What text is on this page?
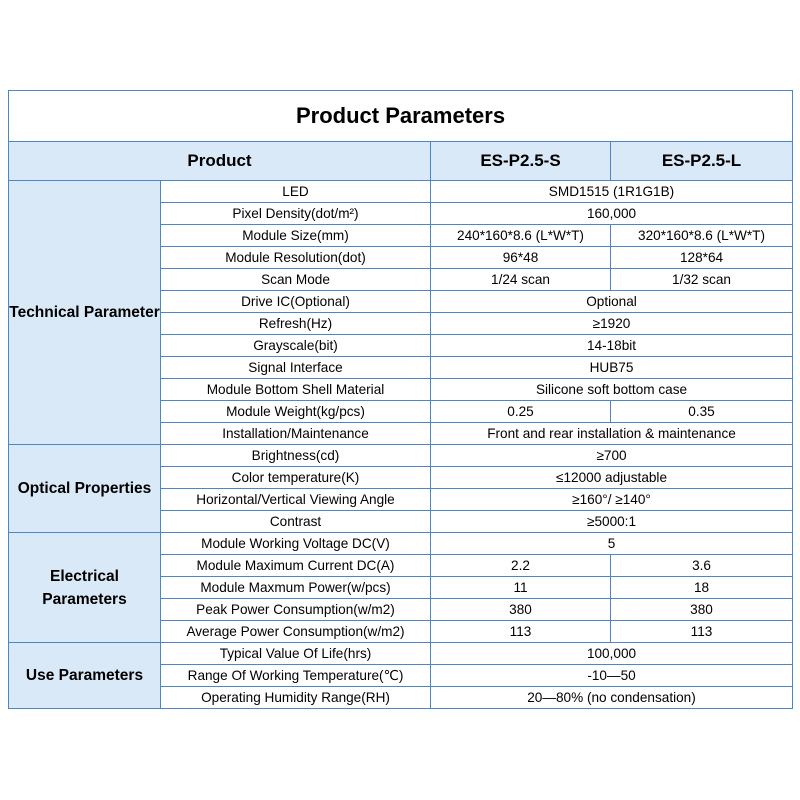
Product Parameters			
Product		ES-P2.5-S	ES-P2.5-L
Technical Parameter	LED	SMD1515 (1R1G1B)	
	Pixel Density(dot/m²)	160,000	
	Module Size(mm)	240*160*8.6 (L*W*T)	320*160*8.6 (L*W*T)
	Module Resolution(dot)	96*48	128*64
	Scan Mode	1/24 scan	1/32 scan
	Drive IC(Optional)	Optional	
	Refresh(Hz)	≥1920	
	Grayscale(bit)	14-18bit	
	Signal Interface	HUB75	
	Module Bottom Shell Material	Silicone soft bottom case	
	Module Weight(kg/pcs)	0.25	0.35
	Installation/Maintenance	Front and rear installation & maintenance	
Optical Properties	Brightness(cd)	≥700	
	Color temperature(K)	≤12000 adjustable	
	Horizontal/Vertical Viewing Angle	≥160°/ ≥140°	
	Contrast	≥5000:1	
Electrical Parameters	Module Working Voltage DC(V)	5	
	Module Maximum Current DC(A)	2.2	3.6
	Module Maxmum Power(w/pcs)	11	18
	Peak Power Consumption(w/m2)	380	380
	Average Power Consumption(w/m2)	113	113
Use Parameters	Typical Value Of Life(hrs)	100,000	
	Range Of Working Temperature(℃)	-10—50	
	Operating Humidity Range(RH)	20—80% (no condensation)	
